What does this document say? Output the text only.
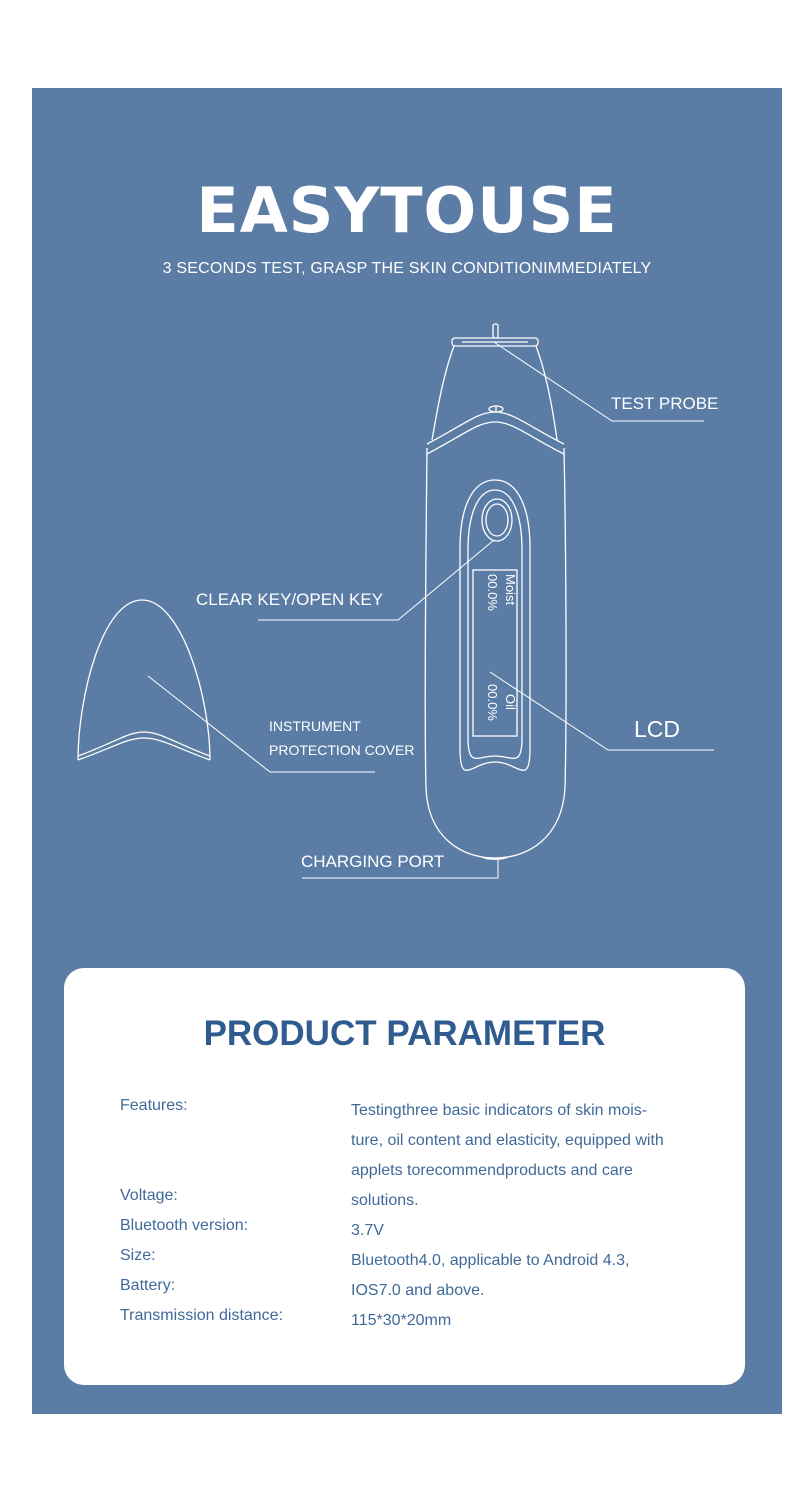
EASYTOUSE
3 SECONDS TEST, GRASP THE SKIN CONDITIONIMMEDIATELY
Moist
00.0%
Oil
00.0%
TEST PROBE
CLEAR KEY/OPEN KEY
INSTRUMENT
PROTECTION COVER
LCD
CHARGING PORT
PRODUCT PARAMETER
Features:
Voltage:
Bluetooth version:
Size:
Battery:
Transmission distance:
Testingthree basic indicators of skin mois-
ture, oil content and elasticity, equipped with
applets torecommendproducts and care
solutions.
3.7V
Bluetooth4.0, applicable to Android 4.3,
IOS7.0 and above.
115*30*20mm
